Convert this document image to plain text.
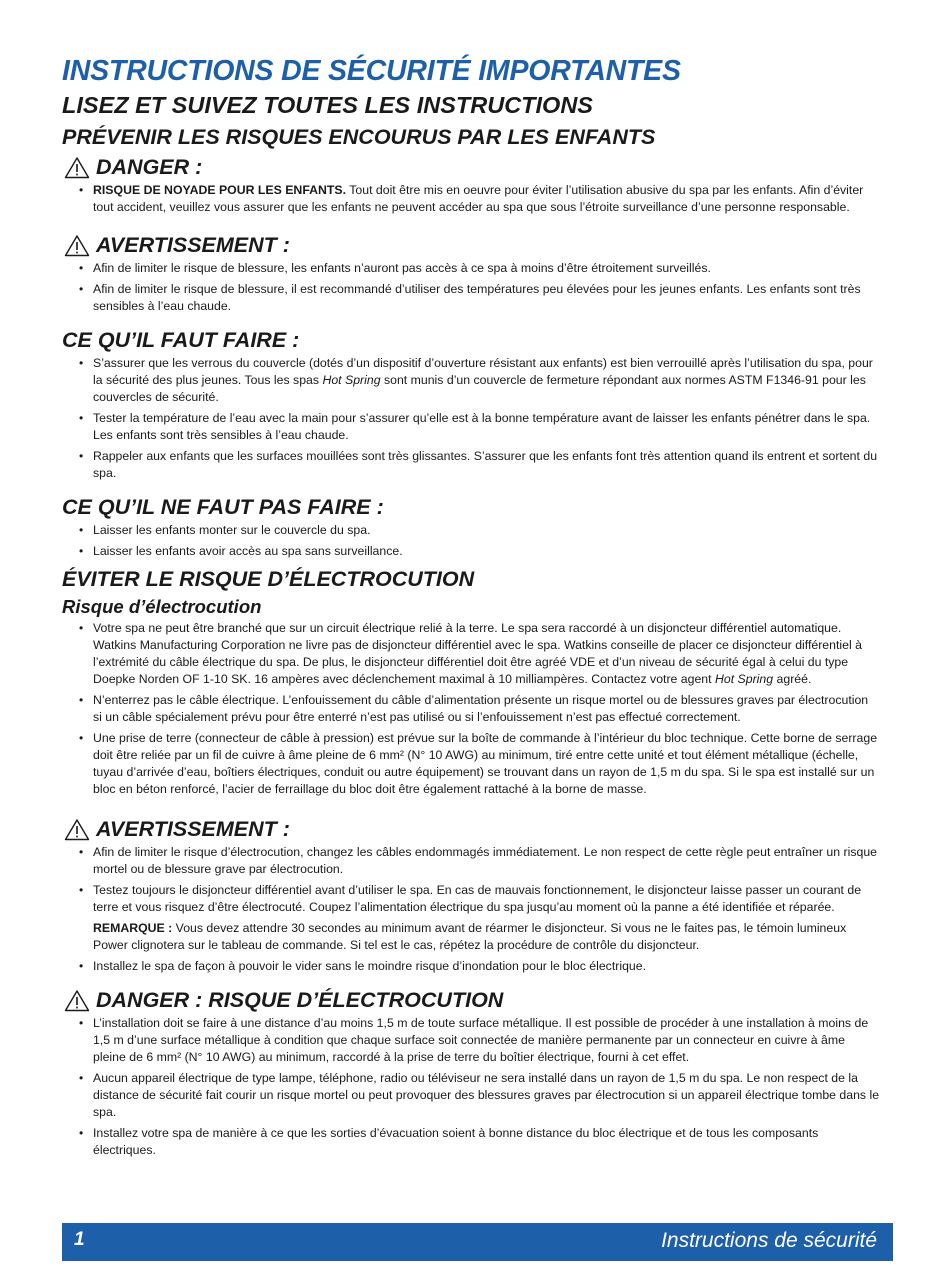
INSTRUCTIONS DE SÉCURITÉ IMPORTANTES
LISEZ ET SUIVEZ TOUTES LES INSTRUCTIONS
PRÉVENIR LES RISQUES ENCOURUS PAR LES ENFANTS
DANGER :
• RISQUE DE NOYADE POUR LES ENFANTS. Tout doit être mis en oeuvre pour éviter l’utilisation abusive du spa par les enfants. Afin d’éviter tout accident, veuillez vous assurer que les enfants ne peuvent accéder au spa que sous l’étroite surveillance d’une personne responsable.
AVERTISSEMENT :
• Afin de limiter le risque de blessure, les enfants n’auront pas accès à ce spa à moins d’être étroitement surveillés.
• Afin de limiter le risque de blessure, il est recommandé d’utiliser des températures peu élevées pour les jeunes enfants. Les enfants sont très sensibles à l’eau chaude.
CE QU’IL FAUT FAIRE :
• S’assurer que les verrous du couvercle (dotés d’un dispositif d’ouverture résistant aux enfants) est bien verrouillé après l’utilisation du spa, pour la sécurité des plus jeunes. Tous les spas Hot Spring sont munis d’un couvercle de fermeture répondant aux normes ASTM F1346-91 pour les couvercles de sécurité.
• Tester la température de l’eau avec la main pour s’assurer qu’elle est à la bonne température avant de laisser les enfants pénétrer dans le spa. Les enfants sont très sensibles à l’eau chaude.
• Rappeler aux enfants que les surfaces mouillées sont très glissantes. S’assurer que les enfants font très attention quand ils entrent et sortent du spa.
CE QU’IL NE FAUT PAS FAIRE :
• Laisser les enfants monter sur le couvercle du spa.
• Laisser les enfants avoir accès au spa sans surveillance.
ÉVITER LE RISQUE D’ÉLECTROCUTION
Risque d’électrocution
• Votre spa ne peut être branché que sur un circuit électrique relié à la terre. Le spa sera raccordé à un disjoncteur différentiel automatique. Watkins Manufacturing Corporation ne livre pas de disjoncteur différentiel avec le spa. Watkins conseille de placer ce disjoncteur différentiel à l’extrémité du câble électrique du spa. De plus, le disjoncteur différentiel doit être agréé VDE et d’un niveau de sécurité égal à celui du type Doepke Norden OF 1-10 SK. 16 ampères avec déclenchement maximal à 10 milliampères. Contactez votre agent Hot Spring agréé.
• N’enterrez pas le câble électrique. L’enfouissement du câble d’alimentation présente un risque mortel ou de blessures graves par électrocution si un câble spécialement prévu pour être enterré n’est pas utilisé ou si l’enfouissement n’est pas effectué correctement.
• Une prise de terre (connecteur de câble à pression) est prévue sur la boîte de commande à l’intérieur du bloc technique. Cette borne de serrage doit être reliée par un fil de cuivre à âme pleine de 6 mm² (N° 10 AWG) au minimum, tiré entre cette unité et tout élément métallique (échelle, tuyau d’arrivée d’eau, boîtiers électriques, conduit ou autre équipement) se trouvant dans un rayon de 1,5 m du spa. Si le spa est installé sur un bloc en béton renforcé, l’acier de ferraillage du bloc doit être également rattaché à la borne de masse.
AVERTISSEMENT :
• Afin de limiter le risque d’électrocution, changez les câbles endommagés immédiatement. Le non respect de cette règle peut entraîner un risque mortel ou de blessure grave par électrocution.
• Testez toujours le disjoncteur différentiel avant d’utiliser le spa. En cas de mauvais fonctionnement, le disjoncteur laisse passer un courant de terre et vous risquez d’être électrocuté. Coupez l’alimentation électrique du spa jusqu’au moment où la panne a été identifiée et réparée.
REMARQUE : Vous devez attendre 30 secondes au minimum avant de réarmer le disjoncteur. Si vous ne le faites pas, le témoin lumineux Power clignotera sur le tableau de commande. Si tel est le cas, répétez la procédure de contrôle du disjoncteur.
• Installez le spa de façon à pouvoir le vider sans le moindre risque d’inondation pour le bloc électrique.
DANGER : RISQUE D’ÉLECTROCUTION
• L’installation doit se faire à une distance d’au moins 1,5 m de toute surface métallique. Il est possible de procéder à une installation à moins de 1,5 m d’une surface métallique à condition que chaque surface soit connectée de manière permanente par un connecteur en cuivre à âme pleine de 6 mm² (N° 10 AWG) au minimum, raccordé à la prise de terre du boîtier électrique, fourni à cet effet.
• Aucun appareil électrique de type lampe, téléphone, radio ou téléviseur ne sera installé dans un rayon de 1,5 m du spa. Le non respect de la distance de sécurité fait courir un risque mortel ou peut provoquer des blessures graves par électrocution si un appareil électrique tombe dans le spa.
• Installez votre spa de manière à ce que les sorties d’évacuation soient à bonne distance du bloc électrique et de tous les composants électriques.
1	Instructions de sécurité
